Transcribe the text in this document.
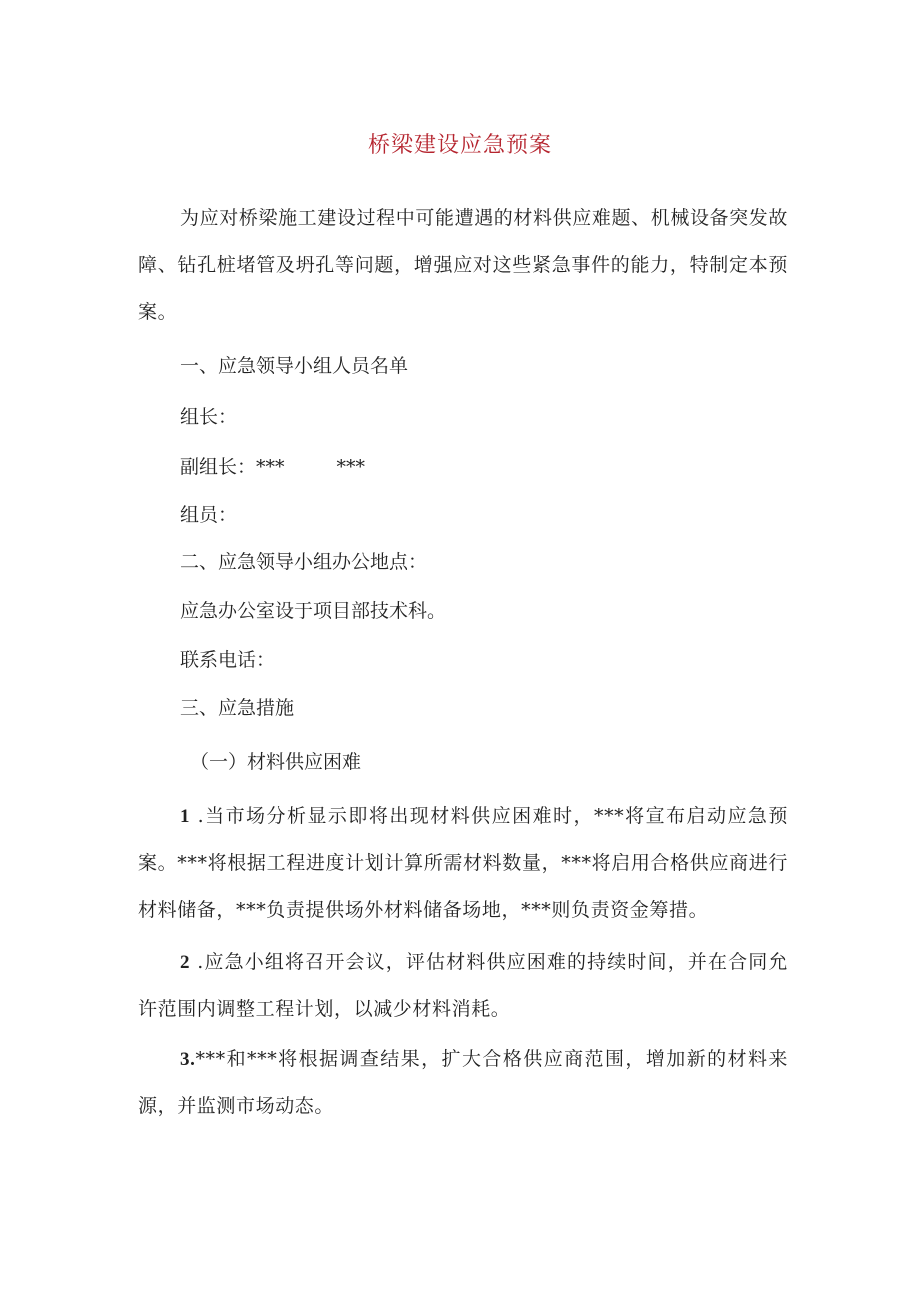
桥梁建设应急预案
为应对桥梁施工建设过程中可能遭遇的材料供应难题、机械设备突发故障、钻孔桩堵管及坍孔等问题，增强应对这些紧急事件的能力，特制定本预案。
一、应急领导小组人员名单
组长：
副组长：***	***
组员：
二、应急领导小组办公地点：
应急办公室设于项目部技术科。
联系电话：
三、应急措施
（一）材料供应困难
1 .当市场分析显示即将出现材料供应困难时，***将宣布启动应急预案。***将根据工程进度计划计算所需材料数量，***将启用合格供应商进行材料储备，***负责提供场外材料储备场地，***则负责资金筹措。
2 .应急小组将召开会议，评估材料供应困难的持续时间，并在合同允许范围内调整工程计划，以减少材料消耗。
3.***和***将根据调查结果，扩大合格供应商范围，增加新的材料来源，并监测市场动态。
